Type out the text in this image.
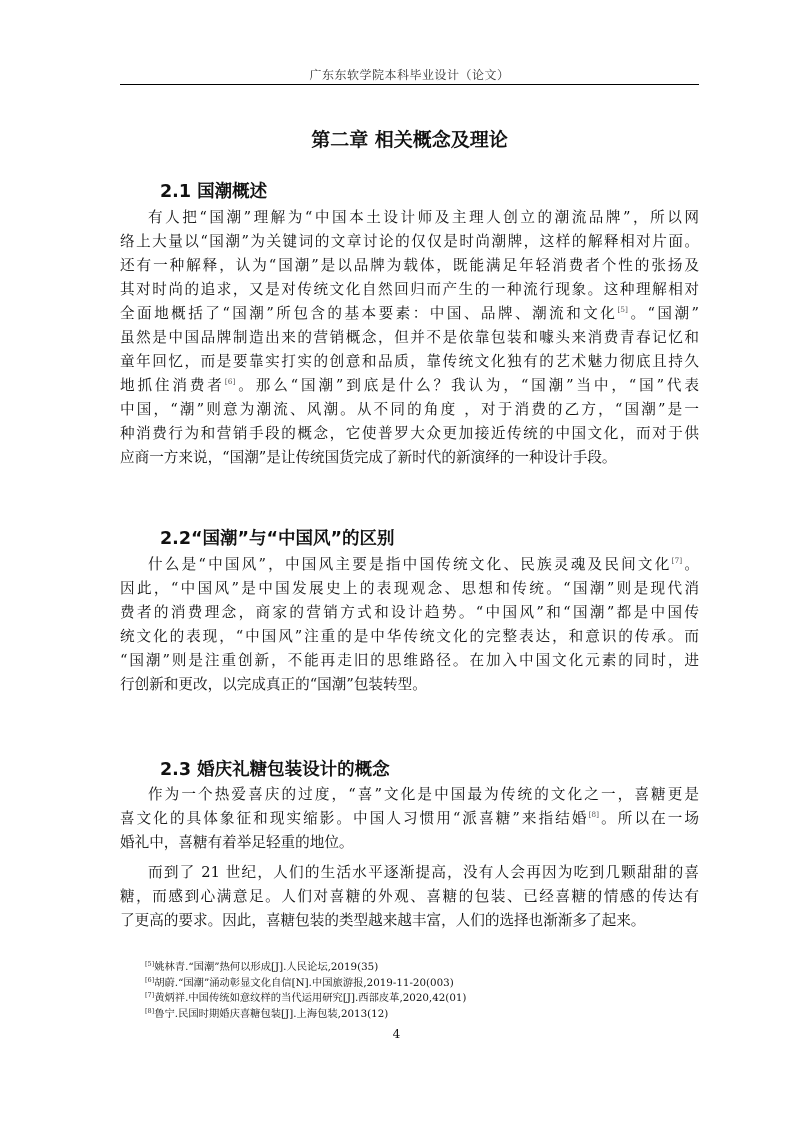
广东东软学院本科毕业设计（论文）
第二章 相关概念及理论
2.1 国潮概述
有人把“国潮”理解为“中国本土设计师及主理人创立的潮流品牌”，所以网
络上大量以“国潮”为关键词的文章讨论的仅仅是时尚潮牌，这样的解释相对片面。
还有一种解释，认为“国潮”是以品牌为载体，既能满足年轻消费者个性的张扬及
其对时尚的追求，又是对传统文化自然回归而产生的一种流行现象。这种理解相对
全面地概括了“国潮”所包含的基本要素：中国、品牌、潮流和文化[5]。“国潮”
虽然是中国品牌制造出来的营销概念，但并不是依靠包装和噱头来消费青春记忆和
童年回忆，而是要靠实打实的创意和品质，靠传统文化独有的艺术魅力彻底且持久
地抓住消费者[6]。那么“国潮”到底是什么？我认为，“国潮”当中，“国”代表
中国，“潮”则意为潮流、风潮。从不同的角度 ，对于消费的乙方，“国潮”是一
种消费行为和营销手段的概念，它使普罗大众更加接近传统的中国文化，而对于供
应商一方来说，“国潮”是让传统国货完成了新时代的新演绎的一种设计手段。
2.2“国潮”与“中国风”的区别
什么是“中国风”，中国风主要是指中国传统文化、民族灵魂及民间文化[7]。
因此，“中国风”是中国发展史上的表现观念、思想和传统。“国潮”则是现代消
费者的消费理念，商家的营销方式和设计趋势。“中国风”和“国潮”都是中国传
统文化的表现，“中国风”注重的是中华传统文化的完整表达，和意识的传承。而
“国潮”则是注重创新，不能再走旧的思维路径。在加入中国文化元素的同时，进
行创新和更改，以完成真正的“国潮”包装转型。
2.3 婚庆礼糖包装设计的概念
作为一个热爱喜庆的过度，“喜”文化是中国最为传统的文化之一，喜糖更是
喜文化的具体象征和现实缩影。中国人习惯用“派喜糖”来指结婚[8]。所以在一场
婚礼中，喜糖有着举足轻重的地位。
而到了 21 世纪，人们的生活水平逐渐提高，没有人会再因为吃到几颗甜甜的喜
糖，而感到心满意足。人们对喜糖的外观、喜糖的包装、已经喜糖的情感的传达有
了更高的要求。因此，喜糖包装的类型越来越丰富，人们的选择也渐渐多了起来。
[5]姚林青.“国潮”热何以形成[J].人民论坛,2019(35)
[6]胡蔚.“国潮”涌动彰显文化自信[N].中国旅游报,2019-11-20(003)
[7]黄炳祥.中国传统如意纹样的当代运用研究[J].西部皮革,2020,42(01)
[8]鲁宁.民国时期婚庆喜糖包装[J].上海包装,2013(12)
4
